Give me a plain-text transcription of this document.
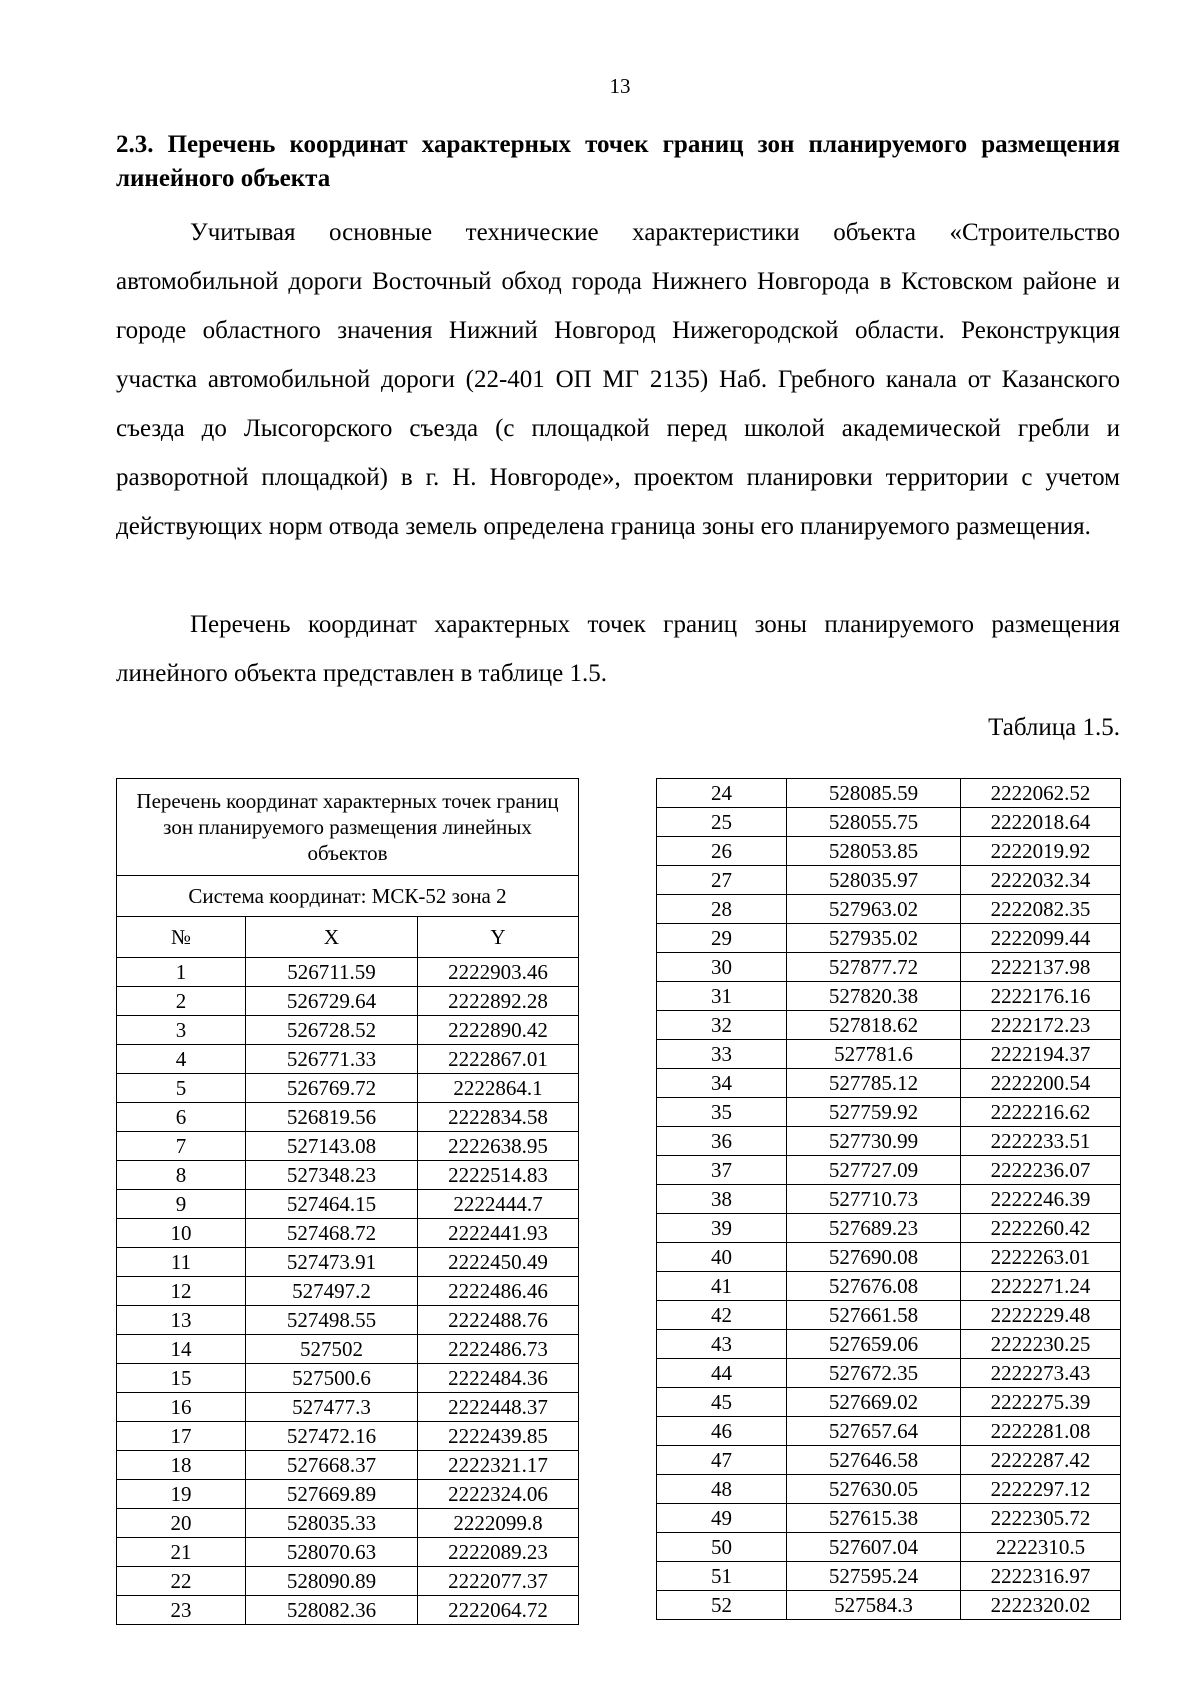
13
2.3. Перечень координат характерных точек границ зон планируемого размещения линейного объекта

Учитывая основные технические характеристики объекта «Строительство автомобильной дороги Восточный обход города Нижнего Новгорода в Кстовском районе и городе областного значения Нижний Новгород Нижегородской области. Реконструкция участка автомобильной дороги (22-401 ОП МГ 2135) Наб. Гребного канала от Казанского съезда до Лысогорского съезда (с площадкой перед школой академической гребли и разворотной площадкой) в г. Н. Новгороде», проектом планировки территории с учетом действующих норм отвода земель определена граница зоны его планируемого размещения.

Перечень координат характерных точек границ зоны планируемого размещения линейного объекта представлен в таблице 1.5.

Таблица 1.5.
Перечень координат характерных точек границ зон планируемого размещения линейных объектов		
Система координат: МСК-52 зона 2		
№	X	Y
1	526711.59	2222903.46
2	526729.64	2222892.28
3	526728.52	2222890.42
4	526771.33	2222867.01
5	526769.72	2222864.1
6	526819.56	2222834.58
7	527143.08	2222638.95
8	527348.23	2222514.83
9	527464.15	2222444.7
10	527468.72	2222441.93
11	527473.91	2222450.49
12	527497.2	2222486.46
13	527498.55	2222488.76
14	527502	2222486.73
15	527500.6	2222484.36
16	527477.3	2222448.37
17	527472.16	2222439.85
18	527668.37	2222321.17
19	527669.89	2222324.06
20	528035.33	2222099.8
21	528070.63	2222089.23
22	528090.89	2222077.37
23	528082.36	2222064.72
24	528085.59	2222062.52
25	528055.75	2222018.64
26	528053.85	2222019.92
27	528035.97	2222032.34
28	527963.02	2222082.35
29	527935.02	2222099.44
30	527877.72	2222137.98
31	527820.38	2222176.16
32	527818.62	2222172.23
33	527781.6	2222194.37
34	527785.12	2222200.54
35	527759.92	2222216.62
36	527730.99	2222233.51
37	527727.09	2222236.07
38	527710.73	2222246.39
39	527689.23	2222260.42
40	527690.08	2222263.01
41	527676.08	2222271.24
42	527661.58	2222229.48
43	527659.06	2222230.25
44	527672.35	2222273.43
45	527669.02	2222275.39
46	527657.64	2222281.08
47	527646.58	2222287.42
48	527630.05	2222297.12
49	527615.38	2222305.72
50	527607.04	2222310.5
51	527595.24	2222316.97
52	527584.3	2222320.02
